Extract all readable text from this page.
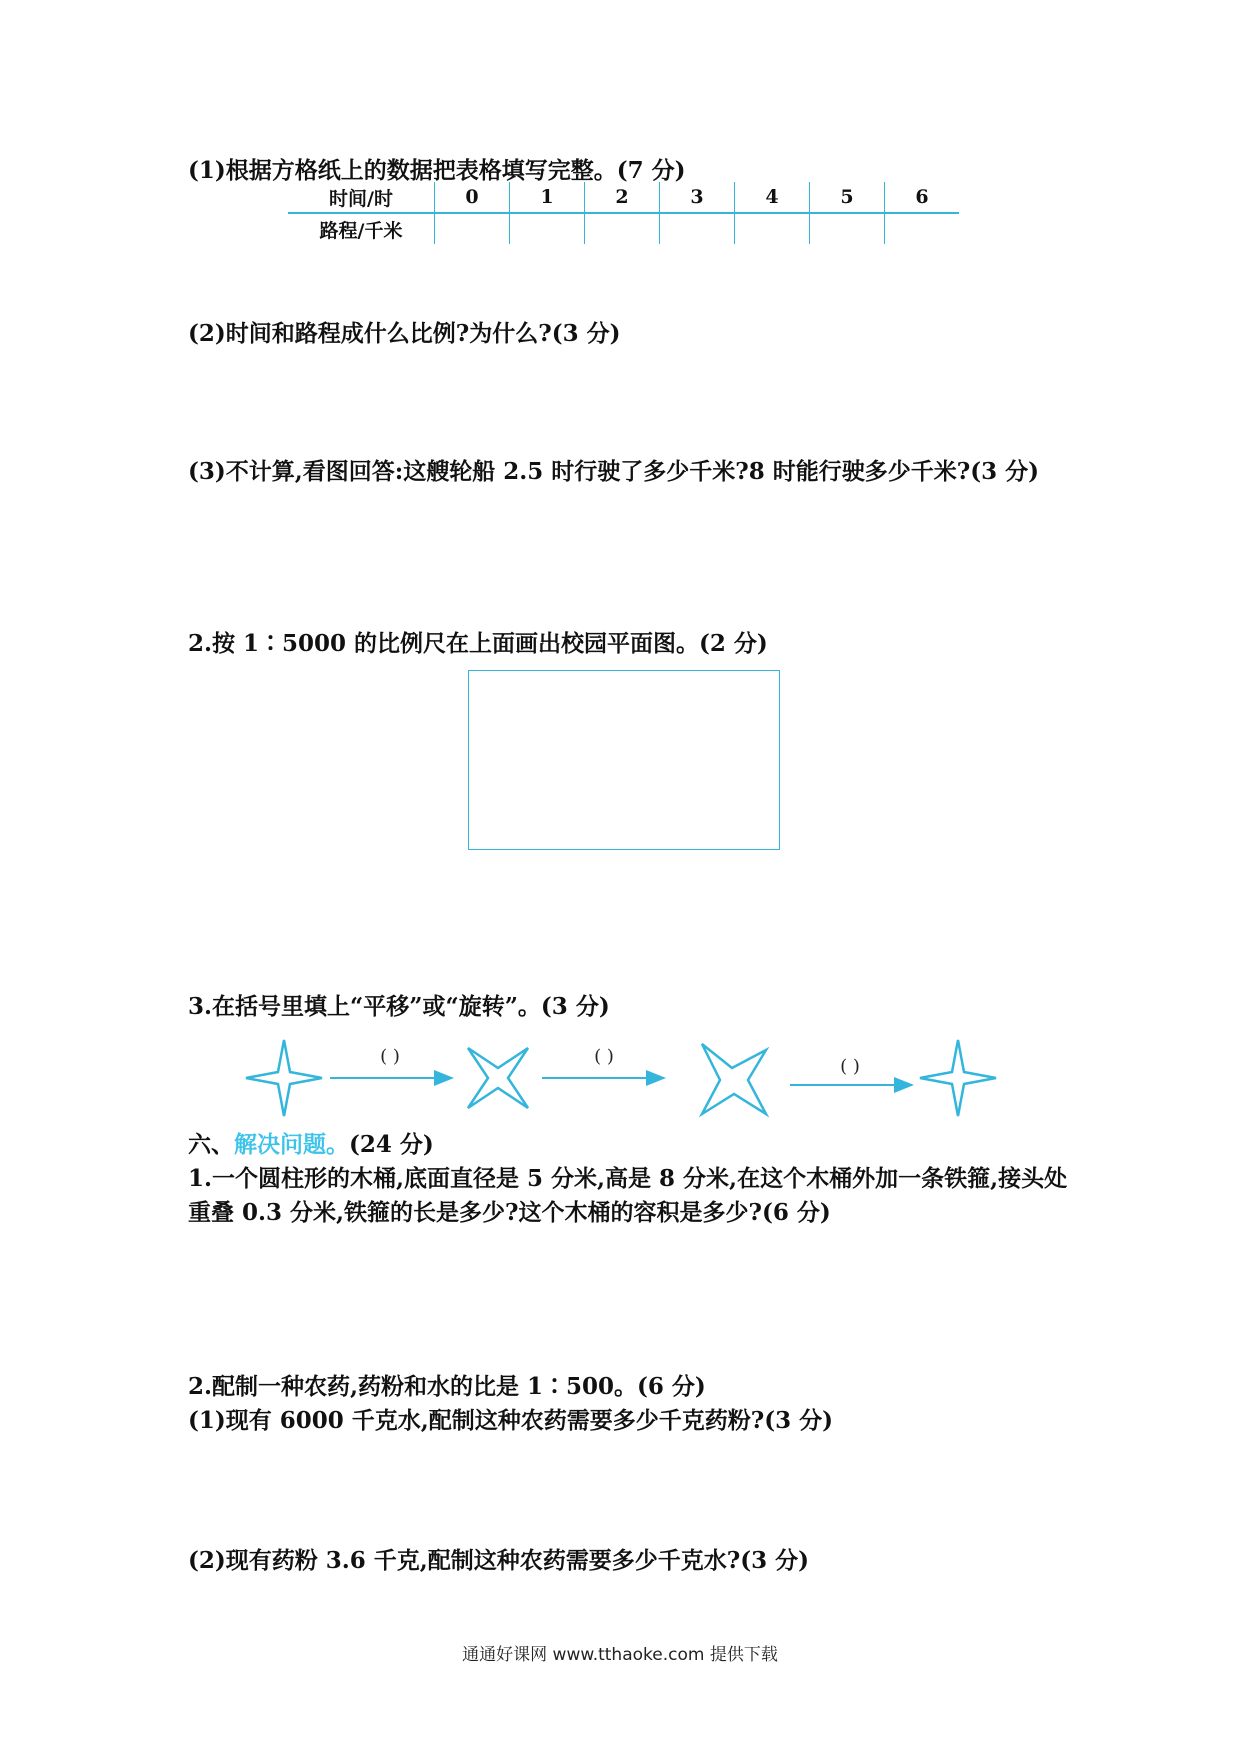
(1)根据方格纸上的数据把表格填写完整。(7 分)
时间/时	0	1	2	3	4	5	6
路程/千米							
(2)时间和路程成什么比例?为什么?(3 分)
(3)不计算,看图回答:这艘轮船 2.5 时行驶了多少千米?8 时能行驶多少千米?(3 分)
2.按 1∶5000 的比例尺在上面画出校园平面图。(2 分)
3.在括号里填上“平移”或“旋转”。(3 分)
( )	( )	( )
六、解决问题。(24 分)
1.一个圆柱形的木桶,底面直径是 5 分米,高是 8 分米,在这个木桶外加一条铁箍,接头处重叠 0.3 分米,铁箍的长是多少?这个木桶的容积是多少?(6 分)
2.配制一种农药,药粉和水的比是 1∶500。(6 分)
(1)现有 6000 千克水,配制这种农药需要多少千克药粉?(3 分)
(2)现有药粉 3.6 千克,配制这种农药需要多少千克水?(3 分)
通通好课网 www.tthaoke.com 提供下载
